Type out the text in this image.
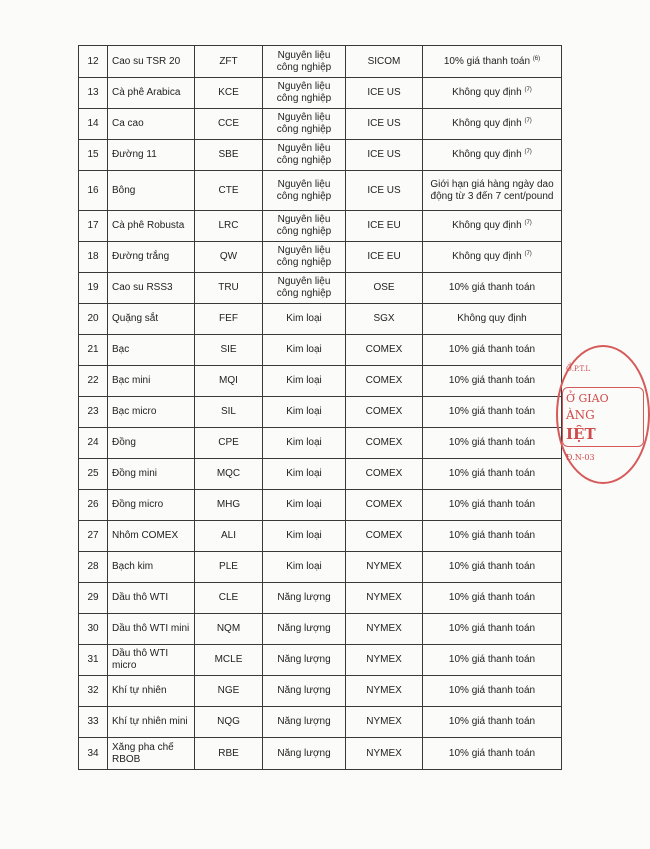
12	Cao su TSR 20	ZFT	Nguyên liệu công nghiệp	SICOM	10% giá thanh toán $^{(6)}$
13	Cà phê Arabica	KCE	Nguyên liệu công nghiệp	ICE US	Không quy định $^{(7)}$
14	Ca cao	CCE	Nguyên liệu công nghiệp	ICE US	Không quy định $^{(7)}$
15	Đường 11	SBE	Nguyên liệu công nghiệp	ICE US	Không quy định $^{(7)}$
16	Bông	CTE	Nguyên liệu công nghiệp	ICE US	Giới hạn giá hàng ngày dao động từ 3 đến 7 cent/pound
17	Cà phê Robusta	LRC	Nguyên liệu công nghiệp	ICE EU	Không quy định $^{(7)}$
18	Đường trắng	QW	Nguyên liệu công nghiệp	ICE EU	Không quy định $^{(7)}$
19	Cao su RSS3	TRU	Nguyên liệu công nghiệp	OSE	10% giá thanh toán
20	Quặng sắt	FEF	Kim loại	SGX	Không quy định
21	Bạc	SIE	Kim loại	COMEX	10% giá thanh toán
22	Bạc mini	MQI	Kim loại	COMEX	10% giá thanh toán
23	Bạc micro	SIL	Kim loại	COMEX	10% giá thanh toán
24	Đồng	CPE	Kim loại	COMEX	10% giá thanh toán
25	Đồng mini	MQC	Kim loại	COMEX	10% giá thanh toán
26	Đồng micro	MHG	Kim loại	COMEX	10% giá thanh toán
27	Nhôm COMEX	ALI	Kim loại	COMEX	10% giá thanh toán
28	Bạch kim	PLE	Kim loại	NYMEX	10% giá thanh toán
29	Dầu thô WTI	CLE	Năng lượng	NYMEX	10% giá thanh toán
30	Dầu thô WTI mini	NQM	Năng lượng	NYMEX	10% giá thanh toán
31	Dầu thô WTI micro	MCLE	Năng lượng	NYMEX	10% giá thanh toán
32	Khí tự nhiên	NGE	Năng lượng	NYMEX	10% giá thanh toán
33	Khí tự nhiên mini	NQG	Năng lượng	NYMEX	10% giá thanh toán
34	Xăng pha chế RBOB	RBE	Năng lượng	NYMEX	10% giá thanh toán
Ổ.P.T.L
Ở GIAO
ÀNG
IỆT
Đ.N-03
